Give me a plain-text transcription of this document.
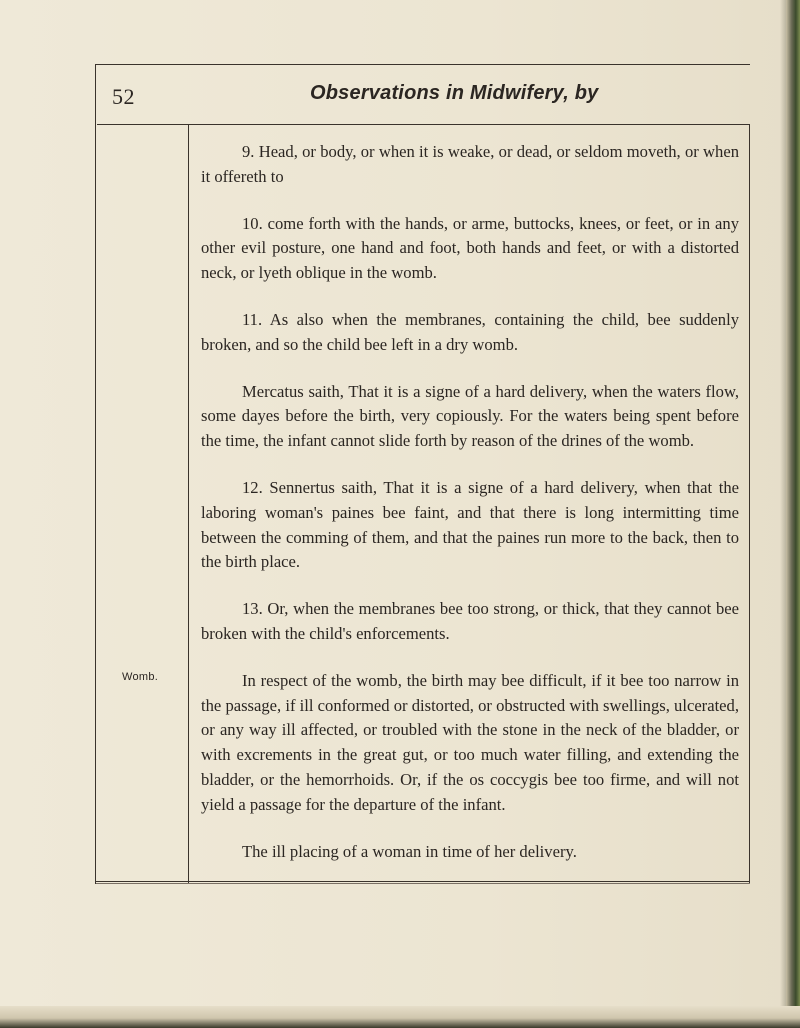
52	Observations in Midwifery, by
Womb.

9. Head, or body, or when it is weake, or dead, or seldom moveth, or when it offereth to

10. come forth with the hands, or arme, buttocks, knees, or feet, or in any other evil posture, one hand and foot, both hands and feet, or with a distorted neck, or lyeth oblique in the womb.

11. As also when the membranes, containing the child, bee suddenly broken, and so the child bee left in a dry womb.

Mercatus saith, That it is a signe of a hard delivery, when the waters flow, some dayes before the birth, very copiously. For the waters being spent before the time, the infant cannot slide forth by reason of the drines of the womb.

12. Sennertus saith, That it is a signe of a hard delivery, when that the laboring woman's paines bee faint, and that there is long intermitting time between the comming of them, and that the paines run more to the back, then to the birth place.

13. Or, when the membranes bee too strong, or thick, that they cannot bee broken with the child's enforcements.

In respect of the womb, the birth may bee difficult, if it bee too narrow in the passage, if ill conformed or distorted, or obstructed with swellings, ulcerated, or any way ill affected, or troubled with the stone in the neck of the bladder, or with excrements in the great gut, or too much water filling, and extending the bladder, or the hemorrhoids. Or, if the os coccygis bee too firme, and will not yield a passage for the departure of the infant.

The ill placing of a woman in time of her delivery.
